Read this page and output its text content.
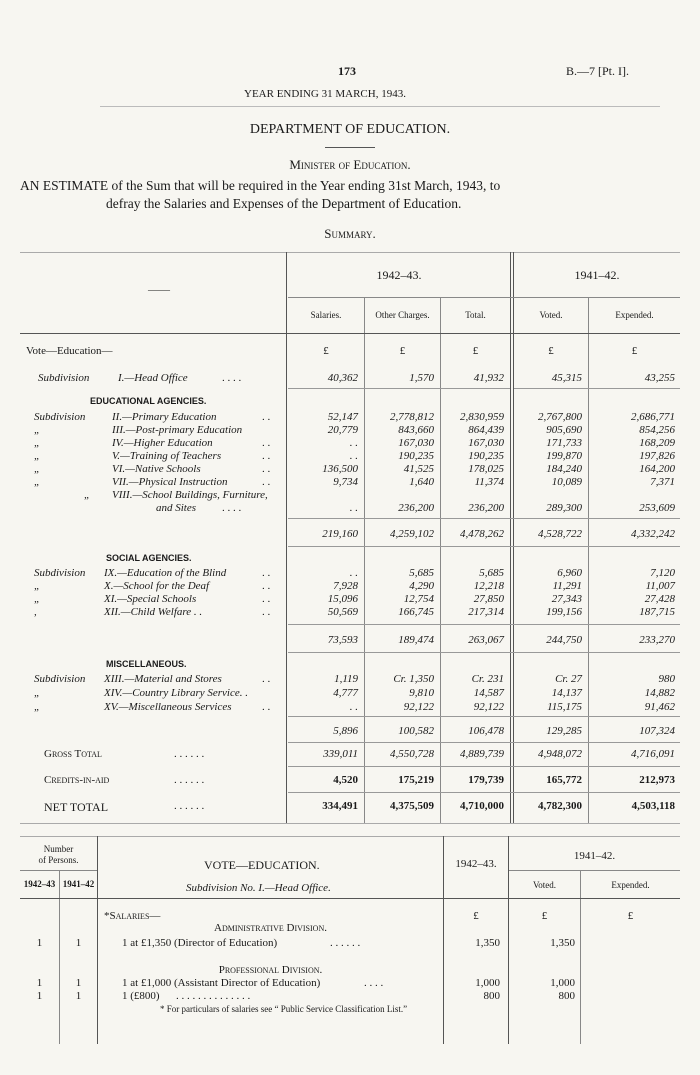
173	B.—7 [Pt. I].
YEAR ENDING 31 MARCH, 1943.
DEPARTMENT OF EDUCATION.
Minister of Education.
AN ESTIMATE of the Sum that will be required in the Year ending 31st March, 1943, to
defray the Salaries and Expenses of the Department of Education.
Summary.
——
1942–43.	1941–42.
Salaries.	Other Charges.	Total.	Voted.	Expended.
Vote—Education—	£	£	£	£	£
Subdivision	I.—Head Office	. . . .	40,362	1,570	41,932	45,315	43,255
EDUCATIONAL AGENCIES.
Subdivision II.—Primary Education	. .	52,147	2,778,812	2,830,959	2,767,800	2,686,771
„	III.—Post-primary Education	20,779	843,660	864,439	905,690	854,256
„	IV.—Higher Education	. .	. .	167,030	167,030	171,733	168,209
„	V.—Training of Teachers	. .	. .	190,235	190,235	199,870	197,826
„	VI.—Native Schools	. .	136,500	41,525	178,025	184,240	164,200
„	VII.—Physical Instruction	. .	9,734	1,640	11,374	10,089	7,371
„ VIII.—School Buildings, Furniture,
and Sites . . . .	. .	236,200	236,200	289,300	253,609
219,160	4,259,102	4,478,262	4,528,722	4,332,242
SOCIAL AGENCIES.
Subdivision IX.—Education of the Blind	. .	. .	5,685	5,685	6,960	7,120
„	X.—School for the Deaf	. .	7,928	4,290	12,218	11,291	11,007
„	XI.—Special Schools	. .	15,096	12,754	27,850	27,343	27,428
,	XII.—Child Welfare . .	. .	50,569	166,745	217,314	199,156	187,715
73,593	189,474	263,067	244,750	233,270
MISCELLANEOUS.
Subdivision XIII.—Material and Stores	. .	1,119	Cr. 1,350	Cr. 231	Cr. 27	980
„	XIV.—Country Library Service. .	4,777	9,810	14,587	14,137	14,882
„	XV.—Miscellaneous Services	. .	. .	92,122	92,122	115,175	91,462
5,896	100,582	106,478	129,285	107,324
Gross Total	. . . . . .	339,011	4,550,728	4,889,739	4,948,072	4,716,091
Credits-in-aid	. . . . . .	4,520	175,219	179,739	165,772	212,973
NET TOTAL	. . . . . .	334,491	4,375,509	4,710,000	4,782,300	4,503,118
Number
of Persons.
1942–43 1941–42
VOTE—EDUCATION.
Subdivision No. I.—Head Office.
1942–43.
1941–42.
Voted.	Expended.
*Salaries—	£	£	£
Administrative Division.
1	1	1 at £1,350 (Director of Education)	. . . . . .	1,350	1,350
Professional Division.
1	1	1 at £1,000 (Assistant Director of Education)	. . . .	1,000	1,000
1	1	1 (£800) . . . . . . . . . . . . . .	800	800
* For particulars of salaries see “ Public Service Classification List.”
